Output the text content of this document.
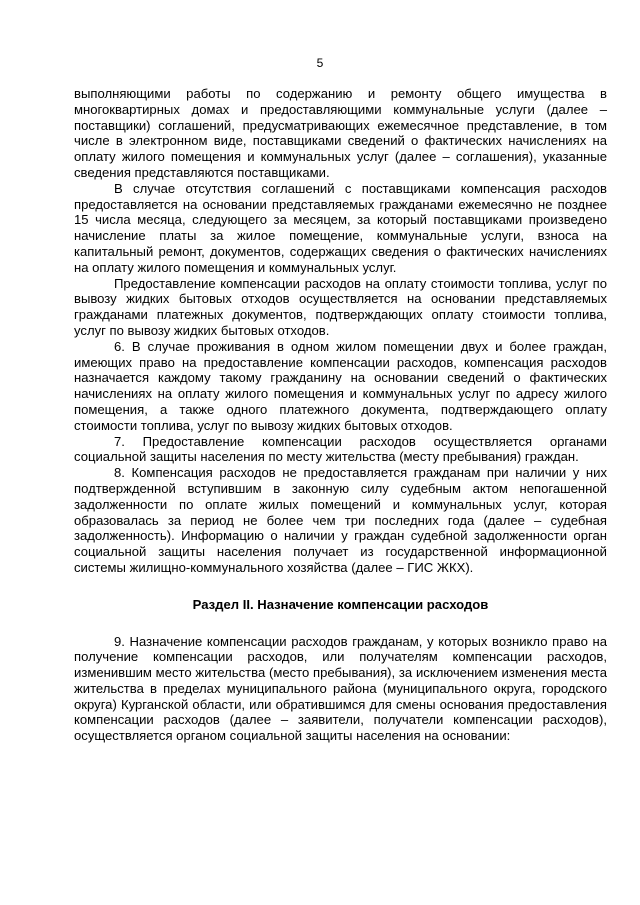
5

выполняющими работы по содержанию и ремонту общего имущества в многоквартирных домах и предоставляющими коммунальные услуги (далее – поставщики) соглашений, предусматривающих ежемесячное представление, в том числе в электронном виде, поставщиками сведений о фактических начислениях на оплату жилого помещения и коммунальных услуг (далее – соглашения), указанные сведения представляются поставщиками.

В случае отсутствия соглашений с поставщиками компенсация расходов предоставляется на основании представляемых гражданами ежемесячно не позднее 15 числа месяца, следующего за месяцем, за который поставщиками произведено начисление платы за жилое помещение, коммунальные услуги, взноса на капитальный ремонт, документов, содержащих сведения о фактических начислениях на оплату жилого помещения и коммунальных услуг.

Предоставление компенсации расходов на оплату стоимости топлива, услуг по вывозу жидких бытовых отходов осуществляется на основании представляемых гражданами платежных документов, подтверждающих оплату стоимости топлива, услуг по вывозу жидких бытовых отходов.

6. В случае проживания в одном жилом помещении двух и более граждан, имеющих право на предоставление компенсации расходов, компенсация расходов назначается каждому такому гражданину на основании сведений о фактических начислениях на оплату жилого помещения и коммунальных услуг по адресу жилого помещения, а также одного платежного документа, подтверждающего оплату стоимости топлива, услуг по вывозу жидких бытовых отходов.

7. Предоставление компенсации расходов осуществляется органами социальной защиты населения по месту жительства (месту пребывания) граждан.

8. Компенсация расходов не предоставляется гражданам при наличии у них подтвержденной вступившим в законную силу судебным актом непогашенной задолженности по оплате жилых помещений и коммунальных услуг, которая образовалась за период не более чем три последних года (далее – судебная задолженность). Информацию о наличии у граждан судебной задолженности орган социальной защиты населения получает из государственной информационной системы жилищно-коммунального хозяйства (далее – ГИС ЖКХ).

Раздел II. Назначение компенсации расходов

9. Назначение компенсации расходов гражданам, у которых возникло право на получение компенсации расходов, или получателям компенсации расходов, изменившим место жительства (место пребывания), за исключением изменения места жительства в пределах муниципального района (муниципального округа, городского округа) Курганской области, или обратившимся для смены основания предоставления компенсации расходов (далее – заявители, получатели компенсации расходов), осуществляется органом социальной защиты населения на основании:
